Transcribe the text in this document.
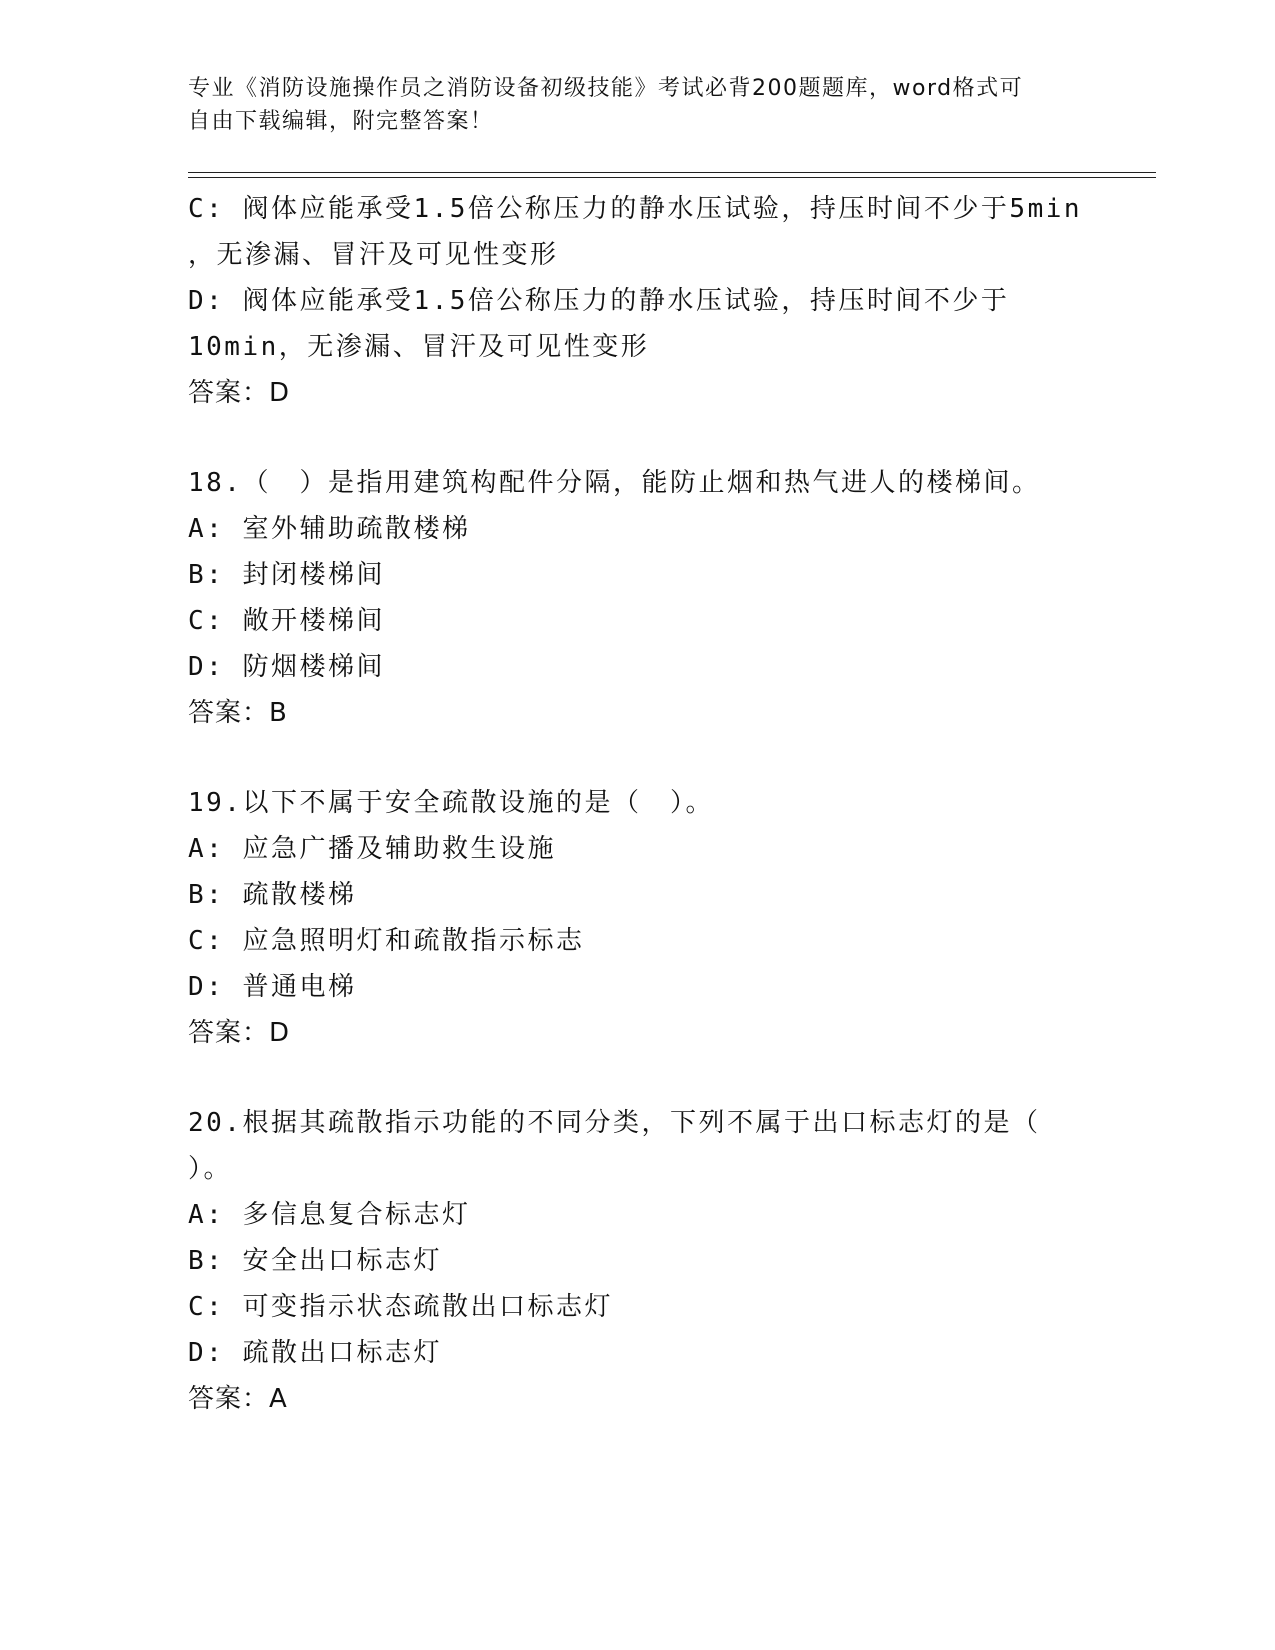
专业《消防设施操作员之消防设备初级技能》考试必背200题题库，word格式可
自由下载编辑，附完整答案！
C: 阀体应能承受1.5倍公称压力的静水压试验，持压时间不少于5min
，无渗漏、冒汗及可见性变形
D: 阀体应能承受1.5倍公称压力的静水压试验，持压时间不少于
10min，无渗漏、冒汗及可见性变形
答案：D
18.（　）是指用建筑构配件分隔，能防止烟和热气进人的楼梯间。
A: 室外辅助疏散楼梯
B: 封闭楼梯间
C: 敞开楼梯间
D: 防烟楼梯间
答案：B
19.以下不属于安全疏散设施的是（　）。
A: 应急广播及辅助救生设施
B: 疏散楼梯
C: 应急照明灯和疏散指示标志
D: 普通电梯
答案：D
20.根据其疏散指示功能的不同分类，下列不属于出口标志灯的是（
）。
A: 多信息复合标志灯
B: 安全出口标志灯
C: 可变指示状态疏散出口标志灯
D: 疏散出口标志灯
答案：A
